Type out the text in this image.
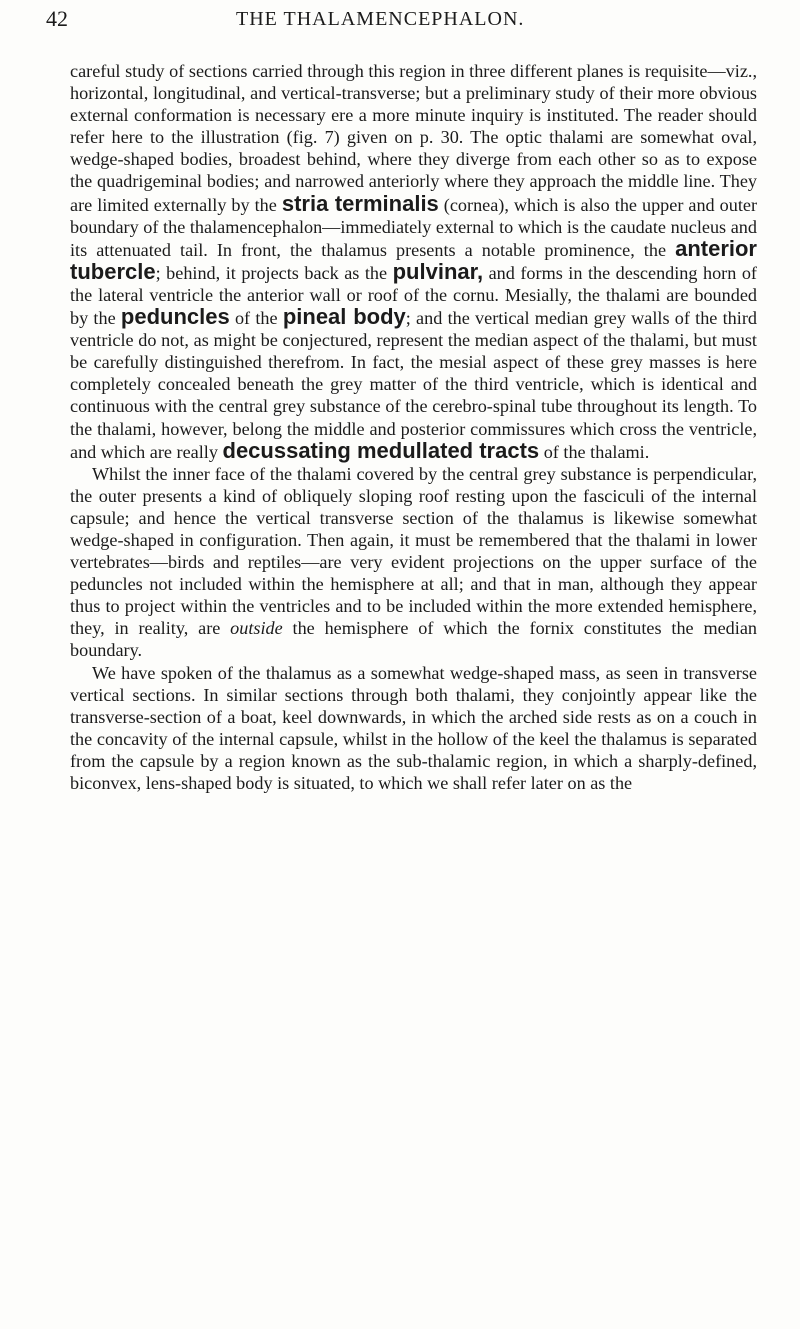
42	THE THALAMENCEPHALON.

careful study of sections carried through this region in three different planes is requisite—viz., horizontal, longitudinal, and vertical-transverse; but a preliminary study of their more obvious external conformation is necessary ere a more minute inquiry is instituted. The reader should refer here to the illustration (fig. 7) given on p. 30. The optic thalami are somewhat oval, wedge-shaped bodies, broadest behind, where they diverge from each other so as to expose the quadrigeminal bodies; and narrowed anteriorly where they approach the middle line. They are limited externally by the stria terminalis (cornea), which is also the upper and outer boundary of the thalamencephalon—immediately external to which is the caudate nucleus and its attenuated tail. In front, the thalamus presents a notable prominence, the anterior tubercle; behind, it projects back as the pulvinar, and forms in the descending horn of the lateral ventricle the anterior wall or roof of the cornu. Mesially, the thalami are bounded by the peduncles of the pineal body; and the vertical median grey walls of the third ventricle do not, as might be conjectured, represent the median aspect of the thalami, but must be carefully distinguished therefrom. In fact, the mesial aspect of these grey masses is here completely concealed beneath the grey matter of the third ventricle, which is identical and continuous with the central grey substance of the cerebro-spinal tube throughout its length. To the thalami, however, belong the middle and posterior commissures which cross the ventricle, and which are really decussating medullated tracts of the thalami.

Whilst the inner face of the thalami covered by the central grey substance is perpendicular, the outer presents a kind of obliquely sloping roof resting upon the fasciculi of the internal capsule; and hence the vertical transverse section of the thalamus is likewise somewhat wedge-shaped in configuration. Then again, it must be remembered that the thalami in lower vertebrates—birds and reptiles—are very evident projections on the upper surface of the peduncles not included within the hemisphere at all; and that in man, although they appear thus to project within the ventricles and to be included within the more extended hemisphere, they, in reality, are outside the hemisphere of which the fornix constitutes the median boundary.

We have spoken of the thalamus as a somewhat wedge-shaped mass, as seen in transverse vertical sections. In similar sections through both thalami, they conjointly appear like the transverse-section of a boat, keel downwards, in which the arched side rests as on a couch in the concavity of the internal capsule, whilst in the hollow of the keel the thalamus is separated from the capsule by a region known as the sub-thalamic region, in which a sharply-defined, biconvex, lens-shaped body is situated, to which we shall refer later on as the
